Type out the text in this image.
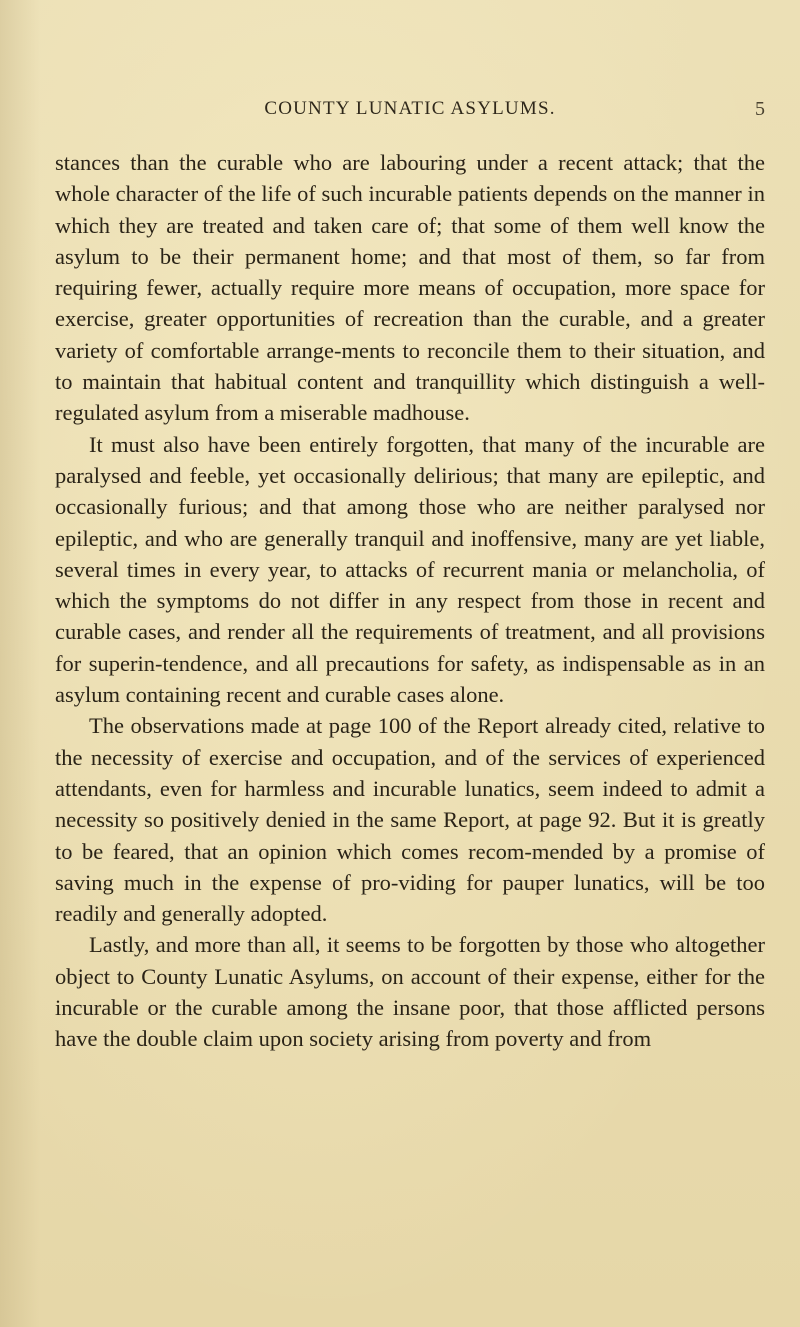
COUNTY LUNATIC ASYLUMS.	5

stances than the curable who are labouring under a recent attack; that the whole character of the life of such incurable patients depends on the manner in which they are treated and taken care of; that some of them well know the asylum to be their permanent home; and that most of them, so far from requiring fewer, actually require more means of occupation, more space for exercise, greater opportunities of recreation than the curable, and a greater variety of comfortable arrange-ments to reconcile them to their situation, and to maintain that habitual content and tranquillity which distinguish a well-regulated asylum from a miserable madhouse.

It must also have been entirely forgotten, that many of the incurable are paralysed and feeble, yet occasionally delirious; that many are epileptic, and occasionally furious; and that among those who are neither paralysed nor epileptic, and who are generally tranquil and inoffensive, many are yet liable, several times in every year, to attacks of recurrent mania or melancholia, of which the symptoms do not differ in any respect from those in recent and curable cases, and render all the requirements of treatment, and all provisions for superin-tendence, and all precautions for safety, as indispensable as in an asylum containing recent and curable cases alone.

The observations made at page 100 of the Report already cited, relative to the necessity of exercise and occupation, and of the services of experienced attendants, even for harmless and incurable lunatics, seem indeed to admit a necessity so positively denied in the same Report, at page 92. But it is greatly to be feared, that an opinion which comes recom-mended by a promise of saving much in the expense of pro-viding for pauper lunatics, will be too readily and generally adopted.

Lastly, and more than all, it seems to be forgotten by those who altogether object to County Lunatic Asylums, on account of their expense, either for the incurable or the curable among the insane poor, that those afflicted persons have the double claim upon society arising from poverty and from
